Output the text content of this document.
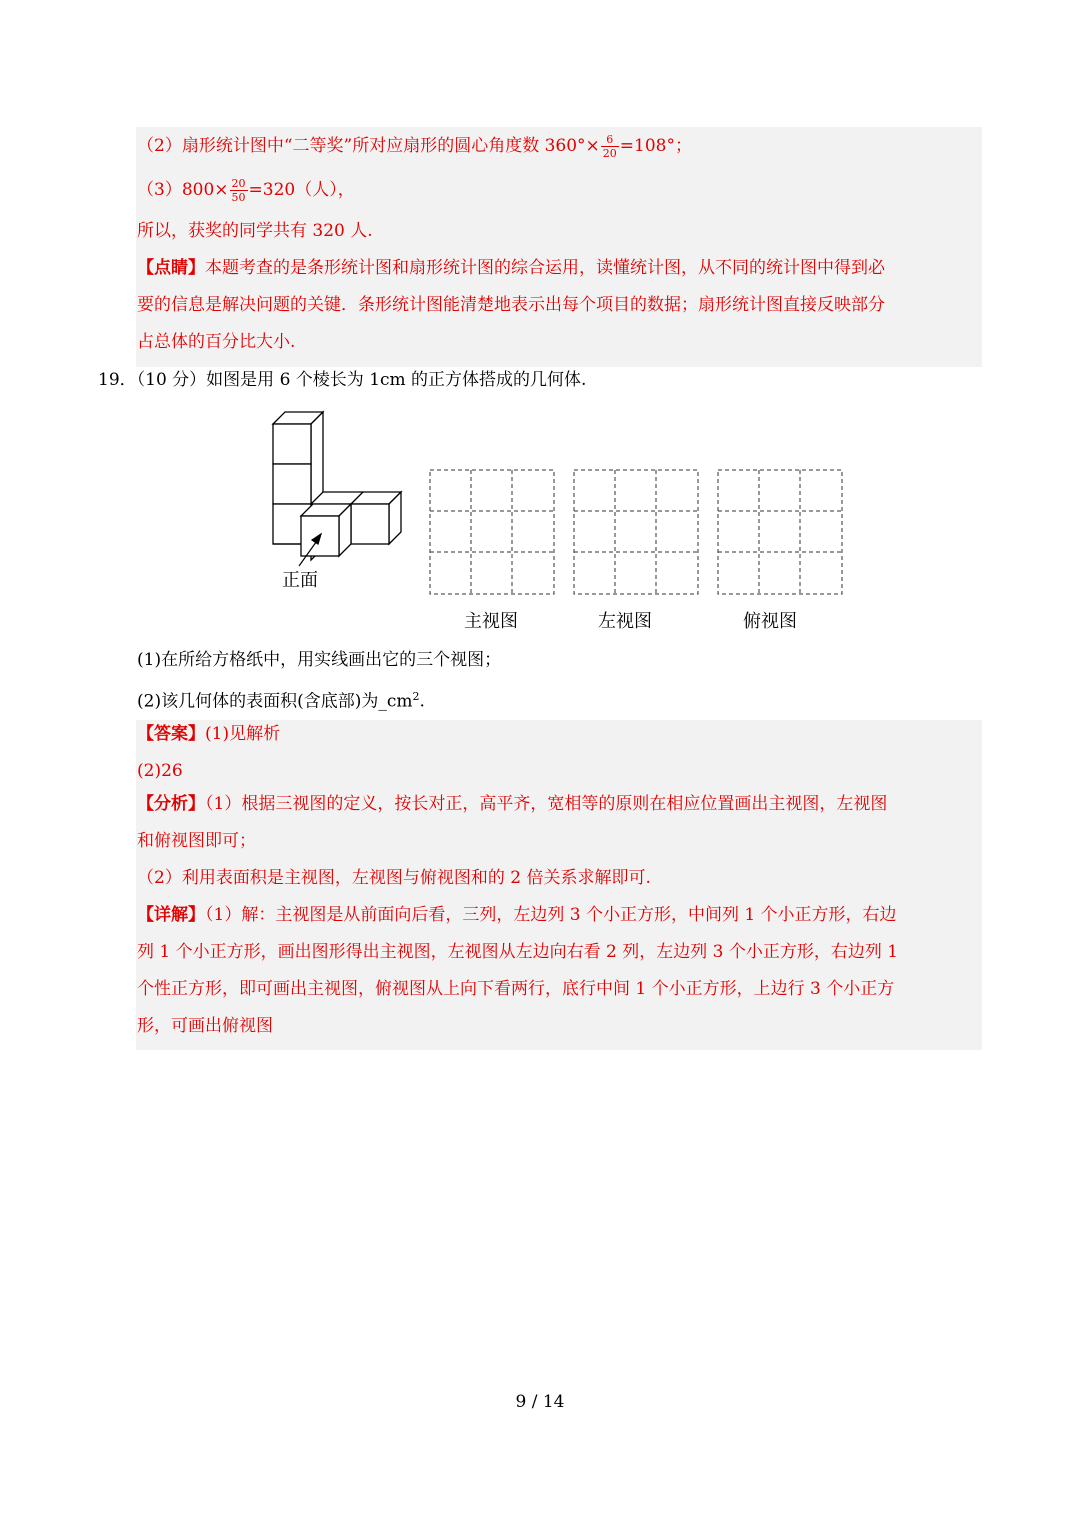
（2）扇形统计图中“二等奖”所对应扇形的圆心角度数 $360^\circ\times \frac{6}{20} =108^\circ$；
$(3)800\times \frac{20}{50} =320$（人），
所以，获奖的同学共有 320 人.
【点睛】本题考查的是条形统计图和扇形统计图的综合运用，读懂统计图，从不同的统计图中得到必
要的信息是解决问题的关键．条形统计图能清楚地表示出每个项目的数据；扇形统计图直接反映部分
占总体的百分比大小.
19．（10 分）如图是用 6 个棱长为 1cm 的正方体搭成的几何体.
正面
主视图	左视图	俯视图
(1)在所给方格纸中，用实线画出它的三个视图；
(2)该几何体的表面积(含底部)为$\_cm^2$.
【答案】(1)见解析
(2)26
【分析】（1）根据三视图的定义，按长对正，高平齐，宽相等的原则在相应位置画出主视图，左视图
和俯视图即可；
（2）利用表面积是主视图，左视图与俯视图和的 2 倍关系求解即可.
【详解】（1）解：主视图是从前面向后看，三列，左边列 3 个小正方形，中间列 1 个小正方形，右边
列 1 个小正方形，画出图形得出主视图，左视图从左边向右看 2 列，左边列 3 个小正方形，右边列 1
个性正方形，即可画出主视图，俯视图从上向下看两行，底行中间 1 个小正方形，上边行 3 个小正方
形，可画出俯视图
9 / 14
